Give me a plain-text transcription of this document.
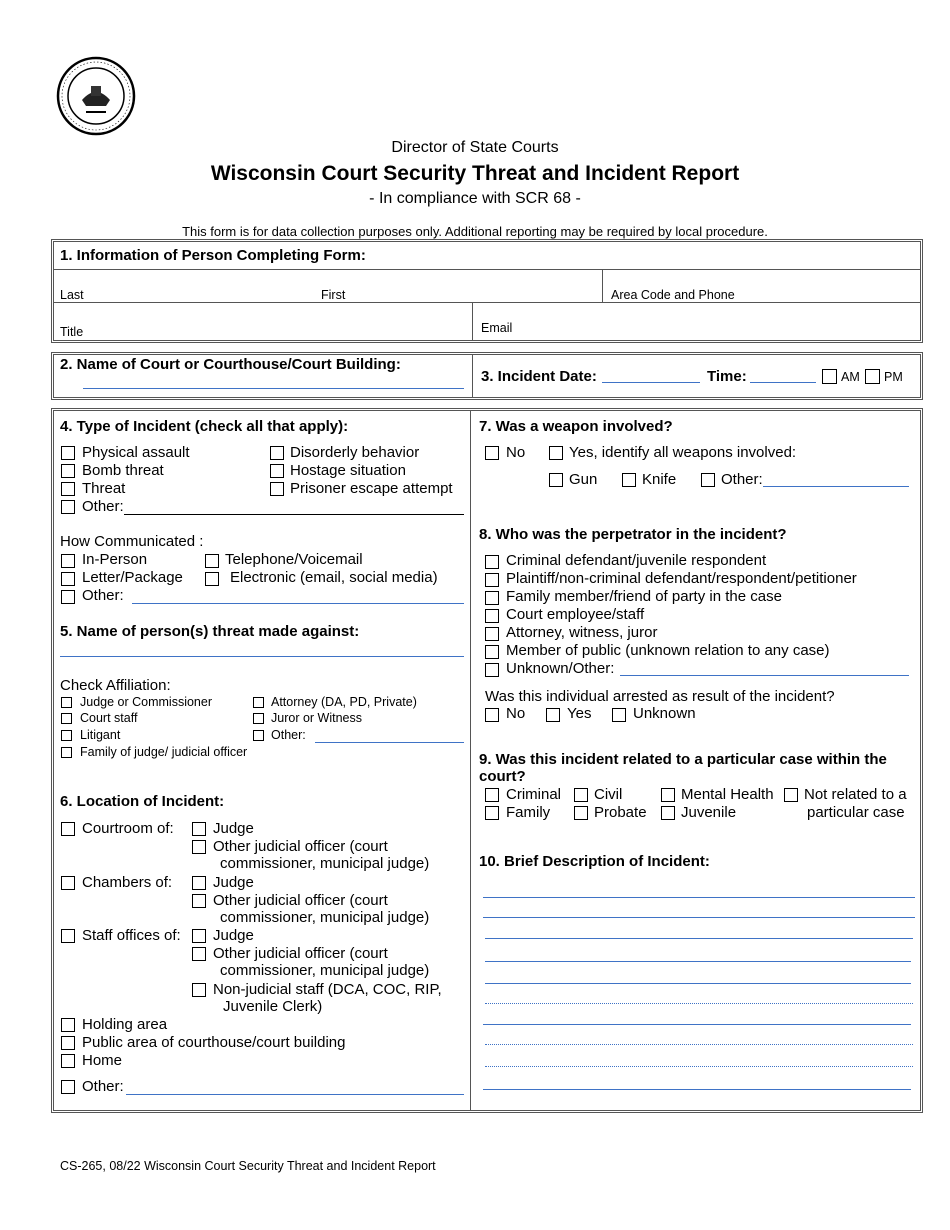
Director of State Courts
Wisconsin Court Security Threat and Incident Report
- In compliance with SCR 68 -
This form is for data collection purposes only. Additional reporting may be required by local procedure.
1. Information of Person Completing Form:
Last	First	Area Code and Phone
Title	Email
2. Name of Court or Courthouse/Court Building:
3. Incident Date:	Time:	AM PM
4. Type of Incident (check all that apply):
Physical assault
Bomb threat
Threat
Disorderly behavior
Hostage situation
Prisoner escape attempt
Other:
How Communicated :
In-Person
Letter/Package
Other:
Telephone/Voicemail
Electronic (email, social media)
5. Name of person(s) threat made against:
Check Affiliation:
Judge or Commissioner
Court staff
Litigant
Family of judge/ judicial officer
Attorney (DA, PD, Private)
Juror or Witness
Other:
6. Location of Incident:
Courtroom of:	Judge
Other judicial officer (court
commissioner, municipal judge)
Chambers of:	Judge
Other judicial officer (court
commissioner, municipal judge)
Staff offices of: Judge
Other judicial officer (court
commissioner, municipal judge)
Non-judicial staff (DCA, COC, RIP,
Juvenile Clerk)
Holding area
Public area of courthouse/court building
Home
Other:
7. Was a weapon involved?
No	Yes, identify all weapons involved:
Gun	Knife	Other:
8. Who was the perpetrator in the incident?
Criminal defendant/juvenile respondent
Plaintiff/non-criminal defendant/respondent/petitioner
Family member/friend of party in the case
Court employee/staff
Attorney, witness, juror
Member of public (unknown relation to any case)
Unknown/Other:
Was this individual arrested as result of the incident?
No	Yes	Unknown
9. Was this incident related to a particular case within the
court?
Criminal Civil	Mental Health Not related to a
particular case
Family	Probate Juvenile
10. Brief Description of Incident:
CS-265, 08/22 Wisconsin Court Security Threat and Incident Report
